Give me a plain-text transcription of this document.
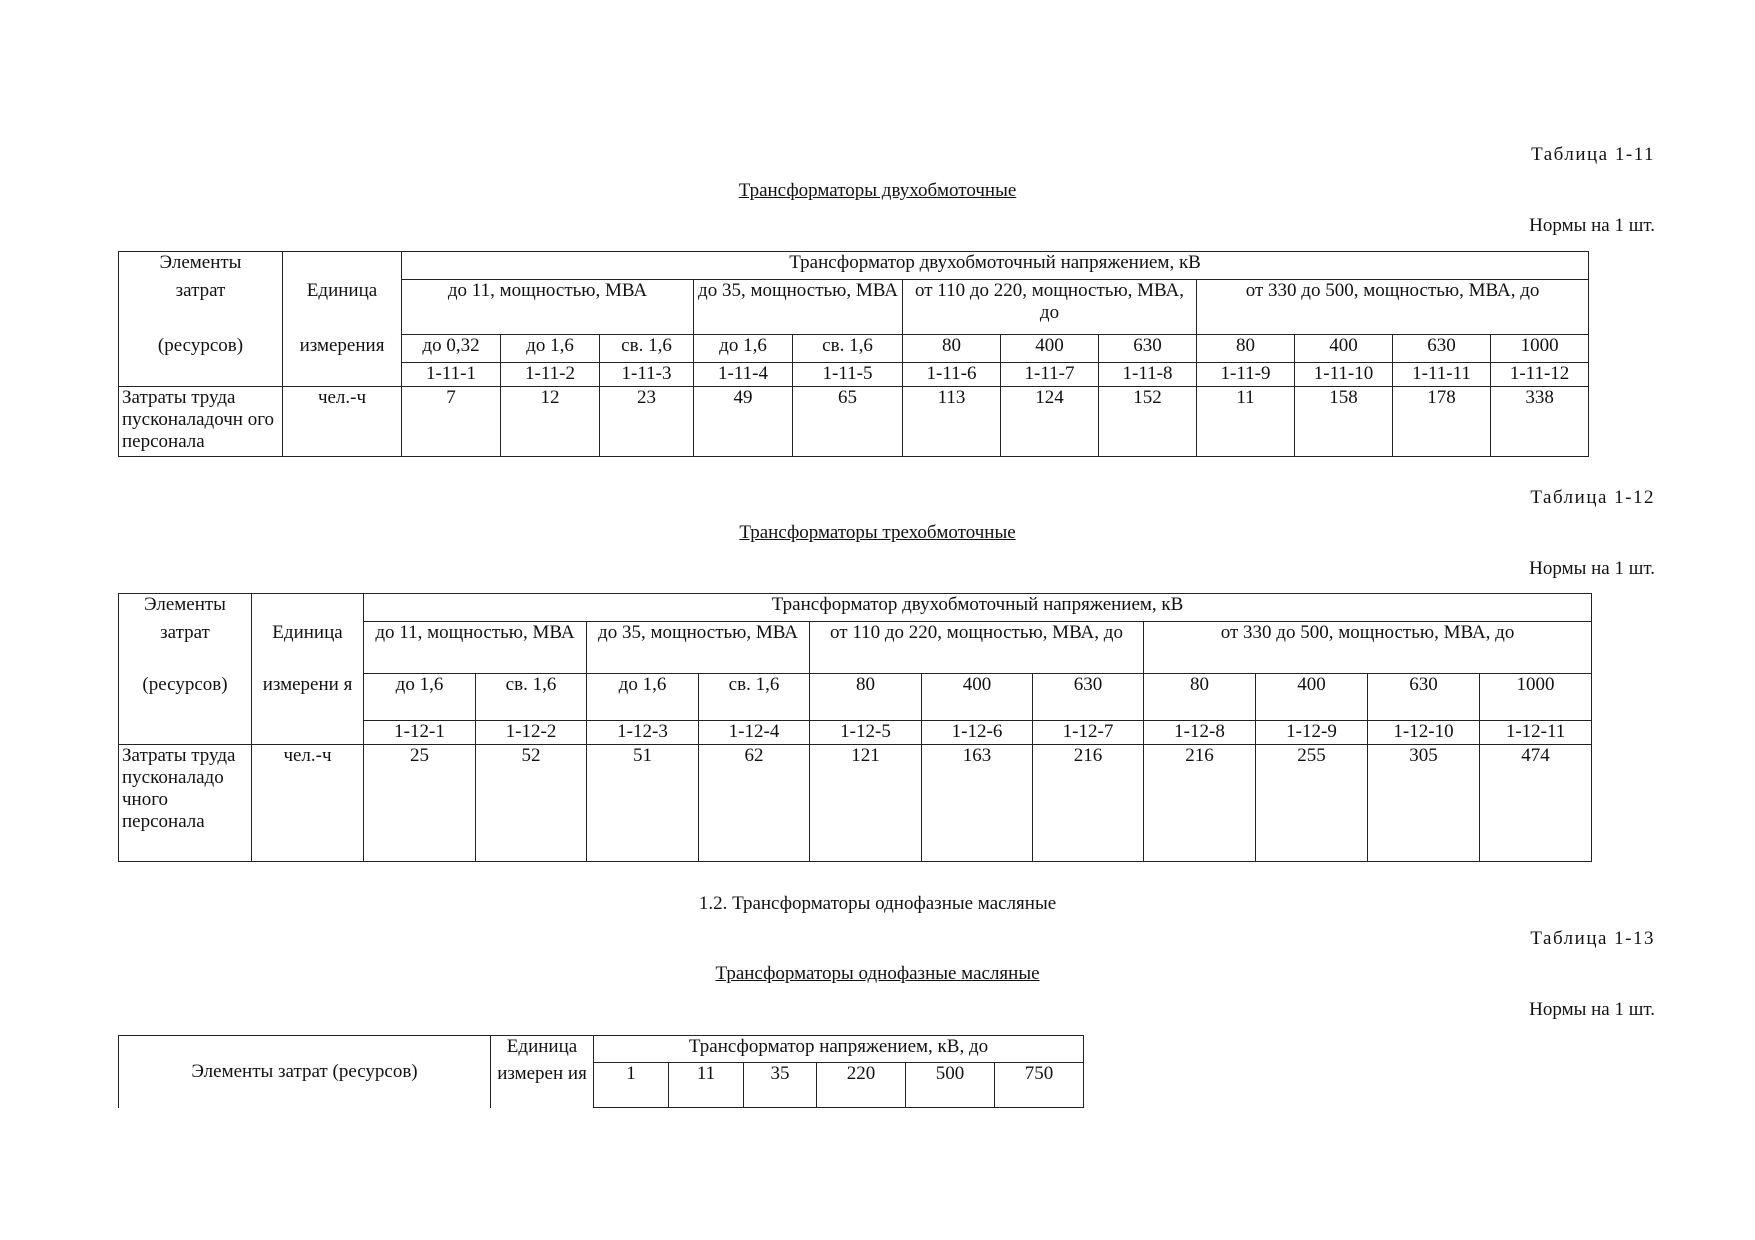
Таблица 1-11
Трансформаторы двухобмоточные
Нормы на 1 шт.
Элементы		Трансформатор двухобмоточный напряжением, кВ											
затрат	Единица	до 11, мощностью, МВА			до 35, мощностью, МВА		от 110 до 220, мощностью, МВА, до			от 330 до 500, мощностью, МВА, до			
(ресурсов)	измерения	до 0,32	до 1,6	св. 1,6	до 1,6	св. 1,6	80	400	630	80	400	630	1000
		1-11-1	1-11-2	1-11-3	1-11-4	1-11-5	1-11-6	1-11-7	1-11-8	1-11-9	1-11-10	1-11-11	1-11-12
Затраты труда пусконаладочн ого персонала	чел.-ч	7	12	23	49	65	113	124	152	11	158	178	338
Таблица 1-12
Трансформаторы трехобмоточные
Нормы на 1 шт.
Элементы		Трансформатор двухобмоточный напряжением, кВ										
затрат	Единица	до 11, мощностью, МВА		до 35, мощностью, МВА		от 110 до 220, мощностью, МВА, до			от 330 до 500, мощностью, МВА, до			
(ресурсов)	измерени я	до 1,6	св. 1,6	до 1,6	св. 1,6	80	400	630	80	400	630	1000
		1-12-1	1-12-2	1-12-3	1-12-4	1-12-5	1-12-6	1-12-7	1-12-8	1-12-9	1-12-10	1-12-11
Затраты труда пусконаладо чного персонала	чел.-ч	25	52	51	62	121	163	216	216	255	305	474
1.2. Трансформаторы однофазные масляные
Таблица 1-13
Трансформаторы однофазные масляные
Нормы на 1 шт.
Элементы затрат (ресурсов)	Единица	Трансформатор напряжением, кВ, до					
	измерен ия	1	11	35	220	500	750
